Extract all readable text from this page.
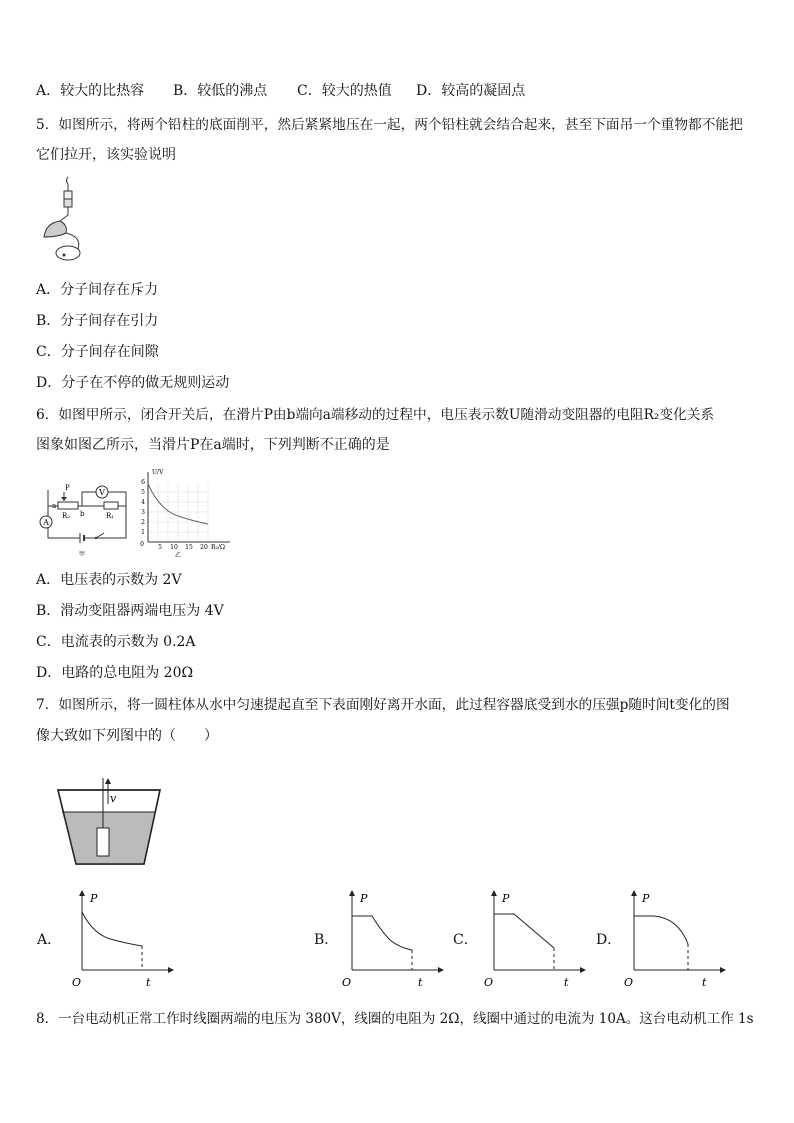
A．较大的比热容 B．较低的沸点 C．较大的热值 D．较高的凝固点
5．如图所示，将两个铅柱的底面削平，然后紧紧地压在一起，两个铅柱就会结合起来，甚至下面吊一个重物都不能把
它们拉开，该实验说明
A．分子间存在斥力
B．分子间存在引力
C．分子间存在间隙
D．分子在不停的做无规则运动
6．如图甲所示，闭合开关后，在滑片P由b端向a端移动的过程中，电压表示数U随滑动变阻器的电阻R₂变化关系
图象如图乙所示，当滑片P在a端时，下列判断不正确的是
V
A
P
a
b
R₂	R₁
甲
U/V
0
1
2
3
4
5
6
5 10 15 20 R₂/Ω
乙
A．电压表的示数为 2V
B．滑动变阻器两端电压为 4V
C．电流表的示数为 0.2A
D．电路的总电阻为 20Ω
7．如图所示，将一圆柱体从水中匀速提起直至下表面刚好离开水面，此过程容器底受到水的压强p随时间t变化的图
像大致如下列图中的（　　）
v
A．
P
O	t
B．
P
O	t
C．
P
O	t
D．
P
O	t
8．一台电动机正常工作时线圈两端的电压为 380V，线圈的电阻为 2Ω，线圈中通过的电流为 10A。这台电动机工作 1s
